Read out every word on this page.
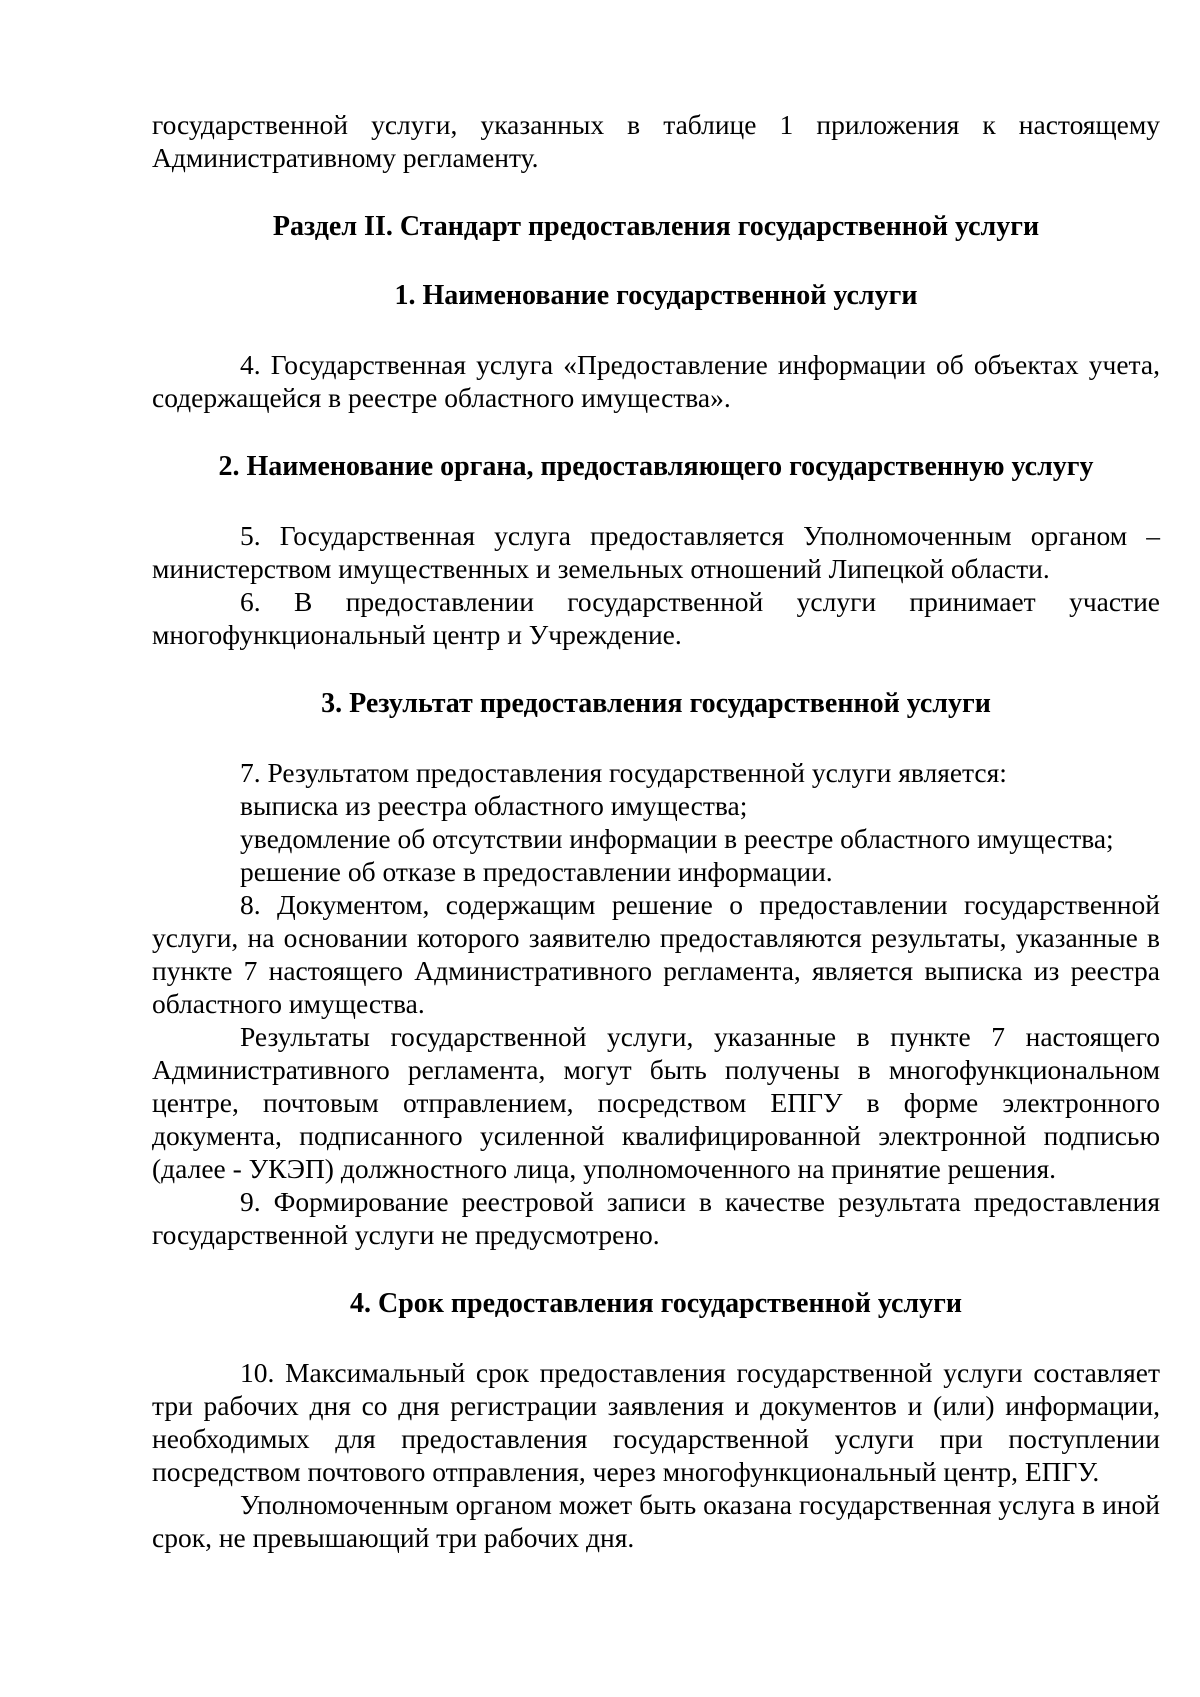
государственной услуги, указанных в таблице 1 приложения к настоящему Административному регламенту.

Раздел II. Стандарт предоставления государственной услуги
1. Наименование государственной услуги

4. Государственная услуга «Предоставление информации об объектах учета, содержащейся в реестре областного имущества».

2. Наименование органа, предоставляющего государственную услугу

5. Государственная услуга предоставляется Уполномоченным органом – министерством имущественных и земельных отношений Липецкой области.

6. В предоставлении государственной услуги принимает участие многофункциональный центр и Учреждение.

3. Результат предоставления государственной услуги

7. Результатом предоставления государственной услуги является:

выписка из реестра областного имущества;

уведомление об отсутствии информации в реестре областного имущества;

решение об отказе в предоставлении информации.

8. Документом, содержащим решение о предоставлении государственной услуги, на основании которого заявителю предоставляются результаты, указанные в пункте 7 настоящего Административного регламента, является выписка из реестра областного имущества.

Результаты государственной услуги, указанные в пункте 7 настоящего Административного регламента, могут быть получены в многофункциональном центре, почтовым отправлением, посредством ЕПГУ в форме электронного документа, подписанного усиленной квалифицированной электронной подписью (далее - УКЭП) должностного лица, уполномоченного на принятие решения.

9. Формирование реестровой записи в качестве результата предоставления государственной услуги не предусмотрено.

4. Срок предоставления государственной услуги

10. Максимальный срок предоставления государственной услуги составляет три рабочих дня со дня регистрации заявления и документов и (или) информации, необходимых для предоставления государственной услуги при поступлении посредством почтового отправления, через многофункциональный центр, ЕПГУ.

Уполномоченным органом может быть оказана государственная услуга в иной срок, не превышающий три рабочих дня.
